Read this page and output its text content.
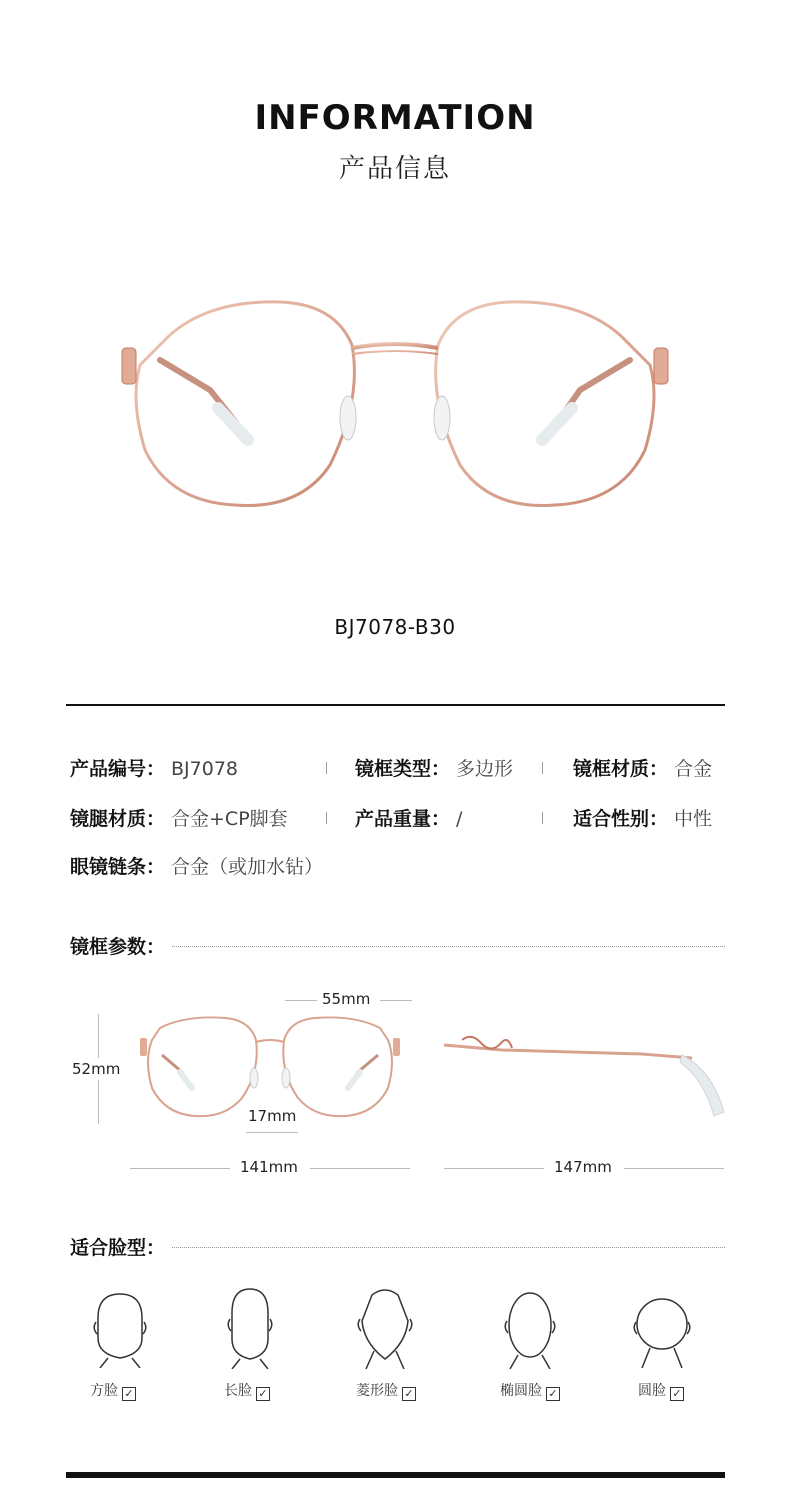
INFORMATION
产品信息
BJ7078-B30
产品编号： BJ7078	镜框类型： 多边形	镜框材质： 合金
镜腿材质： 合金+CP脚套	产品重量： /	适合性别： 中性
眼镜链条： 合金（或加水钻）
镜框参数：
55mm
52mm
17mm
141mm	147mm
适合脸型：
方脸 ✓	长脸 ✓	菱形脸 ✓	椭圆脸 ✓	圆脸 ✓
